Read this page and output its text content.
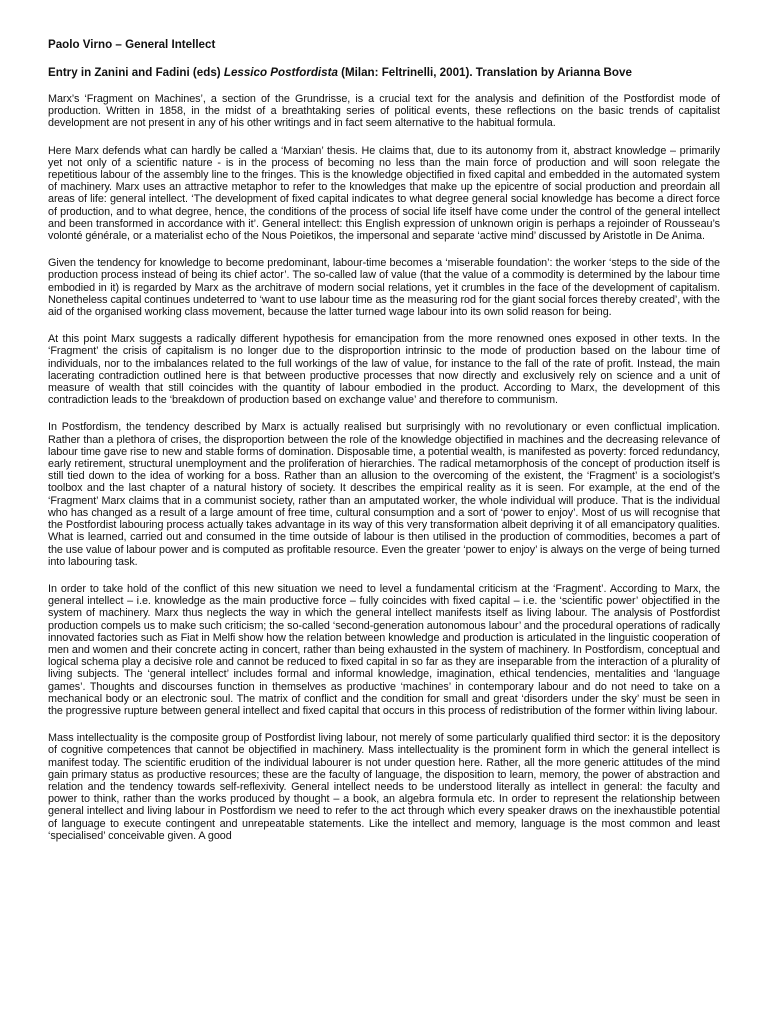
Paolo Virno – General Intellect
Entry in Zanini and Fadini (eds) Lessico Postfordista (Milan: Feltrinelli, 2001). Translation by Arianna Bove

Marx’s ‘Fragment on Machines’, a section of the Grundrisse, is a crucial text for the analysis and definition of the Postfordist mode of production. Written in 1858, in the midst of a breathtaking series of political events, these reflections on the basic trends of capitalist development are not present in any of his other writings and in fact seem alternative to the habitual formula.

Here Marx defends what can hardly be called a ‘Marxian’ thesis. He claims that, due to its autonomy from it, abstract knowledge – primarily yet not only of a scientific nature - is in the process of becoming no less than the main force of production and will soon relegate the repetitious labour of the assembly line to the fringes. This is the knowledge objectified in fixed capital and embedded in the automated system of machinery. Marx uses an attractive metaphor to refer to the knowledges that make up the epicentre of social production and preordain all areas of life: general intellect. ‘The development of fixed capital indicates to what degree general social knowledge has become a direct force of production, and to what degree, hence, the conditions of the process of social life itself have come under the control of the general intellect and been transformed in accordance with it’. General intellect: this English expression of unknown origin is perhaps a rejoinder of Rousseau’s volonté générale, or a materialist echo of the Nous Poietikos, the impersonal and separate ‘active mind’ discussed by Aristotle in De Anima.

Given the tendency for knowledge to become predominant, labour-time becomes a ‘miserable foundation’: the worker ‘steps to the side of the production process instead of being its chief actor’. The so-called law of value (that the value of a commodity is determined by the labour time embodied in it) is regarded by Marx as the architrave of modern social relations, yet it crumbles in the face of the development of capitalism. Nonetheless capital continues undeterred to ‘want to use labour time as the measuring rod for the giant social forces thereby created’, with the aid of the organised working class movement, because the latter turned wage labour into its own solid reason for being.

At this point Marx suggests a radically different hypothesis for emancipation from the more renowned ones exposed in other texts. In the ‘Fragment’ the crisis of capitalism is no longer due to the disproportion intrinsic to the mode of production based on the labour time of individuals, nor to the imbalances related to the full workings of the law of value, for instance to the fall of the rate of profit. Instead, the main lacerating contradiction outlined here is that between productive processes that now directly and exclusively rely on science and a unit of measure of wealth that still coincides with the quantity of labour embodied in the product. According to Marx, the development of this contradiction leads to the ‘breakdown of production based on exchange value’ and therefore to communism.

In Postfordism, the tendency described by Marx is actually realised but surprisingly with no revolutionary or even conflictual implication. Rather than a plethora of crises, the disproportion between the role of the knowledge objectified in machines and the decreasing relevance of labour time gave rise to new and stable forms of domination. Disposable time, a potential wealth, is manifested as poverty: forced redundancy, early retirement, structural unemployment and the proliferation of hierarchies. The radical metamorphosis of the concept of production itself is still tied down to the idea of working for a boss. Rather than an allusion to the overcoming of the existent, the ‘Fragment’ is a sociologist’s toolbox and the last chapter of a natural history of society. It describes the empirical reality as it is seen. For example, at the end of the ‘Fragment’ Marx claims that in a communist society, rather than an amputated worker, the whole individual will produce. That is the individual who has changed as a result of a large amount of free time, cultural consumption and a sort of ‘power to enjoy’. Most of us will recognise that the Postfordist labouring process actually takes advantage in its way of this very transformation albeit depriving it of all emancipatory qualities. What is learned, carried out and consumed in the time outside of labour is then utilised in the production of commodities, becomes a part of the use value of labour power and is computed as profitable resource. Even the greater ‘power to enjoy’ is always on the verge of being turned into labouring task.

In order to take hold of the conflict of this new situation we need to level a fundamental criticism at the ‘Fragment’. According to Marx, the general intellect – i.e. knowledge as the main productive force – fully coincides with fixed capital – i.e. the ‘scientific power’ objectified in the system of machinery. Marx thus neglects the way in which the general intellect manifests itself as living labour. The analysis of Postfordist production compels us to make such criticism; the so-called ‘second-generation autonomous labour’ and the procedural operations of radically innovated factories such as Fiat in Melfi show how the relation between knowledge and production is articulated in the linguistic cooperation of men and women and their concrete acting in concert, rather than being exhausted in the system of machinery. In Postfordism, conceptual and logical schema play a decisive role and cannot be reduced to fixed capital in so far as they are inseparable from the interaction of a plurality of living subjects. The ‘general intellect’ includes formal and informal knowledge, imagination, ethical tendencies, mentalities and ‘language games’. Thoughts and discourses function in themselves as productive ‘machines’ in contemporary labour and do not need to take on a mechanical body or an electronic soul. The matrix of conflict and the condition for small and great ‘disorders under the sky’ must be seen in the progressive rupture between general intellect and fixed capital that occurs in this process of redistribution of the former within living labour.

Mass intellectuality is the composite group of Postfordist living labour, not merely of some particularly qualified third sector: it is the depository of cognitive competences that cannot be objectified in machinery. Mass intellectuality is the prominent form in which the general intellect is manifest today. The scientific erudition of the individual labourer is not under question here. Rather, all the more generic attitudes of the mind gain primary status as productive resources; these are the faculty of language, the disposition to learn, memory, the power of abstraction and relation and the tendency towards self-reflexivity. General intellect needs to be understood literally as intellect in general: the faculty and power to think, rather than the works produced by thought – a book, an algebra formula etc. In order to represent the relationship between general intellect and living labour in Postfordism we need to refer to the act through which every speaker draws on the inexhaustible potential of language to execute contingent and unrepeatable statements. Like the intellect and memory, language is the most common and least ‘specialised’ conceivable given. A good
